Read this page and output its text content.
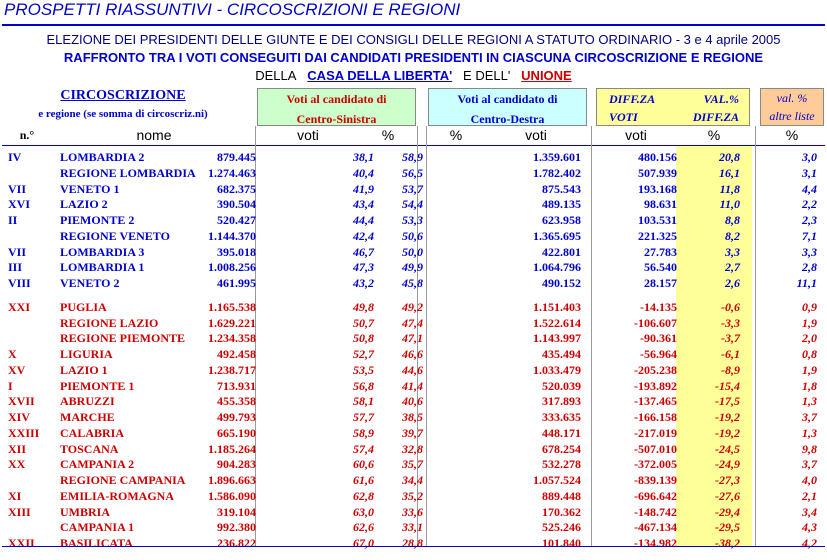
PROSPETTI RIASSUNTIVI - CIRCOSCRIZIONI E REGIONI
ELEZIONE DEI PRESIDENTI DELLE GIUNTE E DEI CONSIGLI DELLE REGIONI A STATUTO ORDINARIO - 3 e 4 aprile 2005
RAFFRONTO TRA I VOTI CONSEGUITI DAI CANDIDATI PRESIDENTI IN CIASCUNA CIRCOSCRIZIONE E REGIONE
DELLA CASA DELLA LIBERTA' E DELL' UNIONE
CIRCOSCRIZIONE
e regione (se somma di circoscriz.ni)
Voti al candidato di
Centro-Sinistra
Voti al candidato di
Centro-Destra
DIFF.ZA
VOTI
VAL.%
DIFF.ZA
val. %
altre liste
n.°	nome	voti	%	%	voti	voti	%	%
IV	LOMBARDIA 2	879.445	38,1 58,9	1.359.601	480.156	20,8	3,0
REGIONE LOMBARDIA 1.274.463	40,4 56,5	1.782.402	507.939	16,1	3,1
VII	VENETO 1	682.375	41,9 53,7	875.543	193.168	11,8	4,4
XVI LAZIO 2	390.504	43,4 54,4	489.135	98.631	11,0	2,2
II	PIEMONTE 2	520.427	44,4 53,3	623.958	103.531	8,8	2,3
REGIONE VENETO	1.144.370	42,4 50,6	1.365.695	221.325	8,2	7,1
VII	LOMBARDIA 3	395.018	46,7 50,0	422.801	27.783	3,3	3,3
III	LOMBARDIA 1	1.008.256	47,3 49,9	1.064.796	56.540	2,7	2,8
VIII VENETO 2	461.995	43,2 45,8	490.152	28.157	2,6	11,1
XXI PUGLIA	1.165.538	49,8 49,2	1.151.403	-14.135	-0,6	0,9
REGIONE LAZIO	1.629.221	50,7 47,4	1.522.614	-106.607	-3,3	1,9
REGIONE PIEMONTE 1.234.358	50,8 47,1	1.143.997	-90.361	-3,7	2,0
X	LIGURIA	492.458	52,7 46,6	435.494	-56.964	-6,1	0,8
XV	LAZIO 1	1.238.717	53,5 44,6	1.033.479	-205.238	-8,9	1,9
I	PIEMONTE 1	713.931	56,8 41,4	520.039	-193.892	-15,4	1,8
XVII ABRUZZI	455.358	58,1 40,6	317.893	-137.465	-17,5	1,3
XIV MARCHE	499.793	57,7 38,5	333.635	-166.158	-19,2	3,7
XXIII CALABRIA	665.190	58,9 39,7	448.171	-217.019	-19,2	1,3
XII	TOSCANA	1.185.264	57,4 32,8	678.254	-507.010	-24,5	9,8
XX	CAMPANIA 2	904.283	60,6 35,7	532.278	-372.005	-24,9	3,7
REGIONE CAMPANIA 1.896.663	61,6 34,4	1.057.524	-839.139	-27,3	4,0
XI	EMILIA-ROMAGNA	1.586.090	62,8 35,2	889.448	-696.642	-27,6	2,1
XIII UMBRIA	319.104	63,0 33,6	170.362	-148.742	-29,4	3,4
CAMPANIA 1	992.380	62,6 33,1	525.246	-467.134	-29,5	4,3
XXII BASILICATA	236.822	67,0 28,8	101.840	-134.982	-38,2	4,2
